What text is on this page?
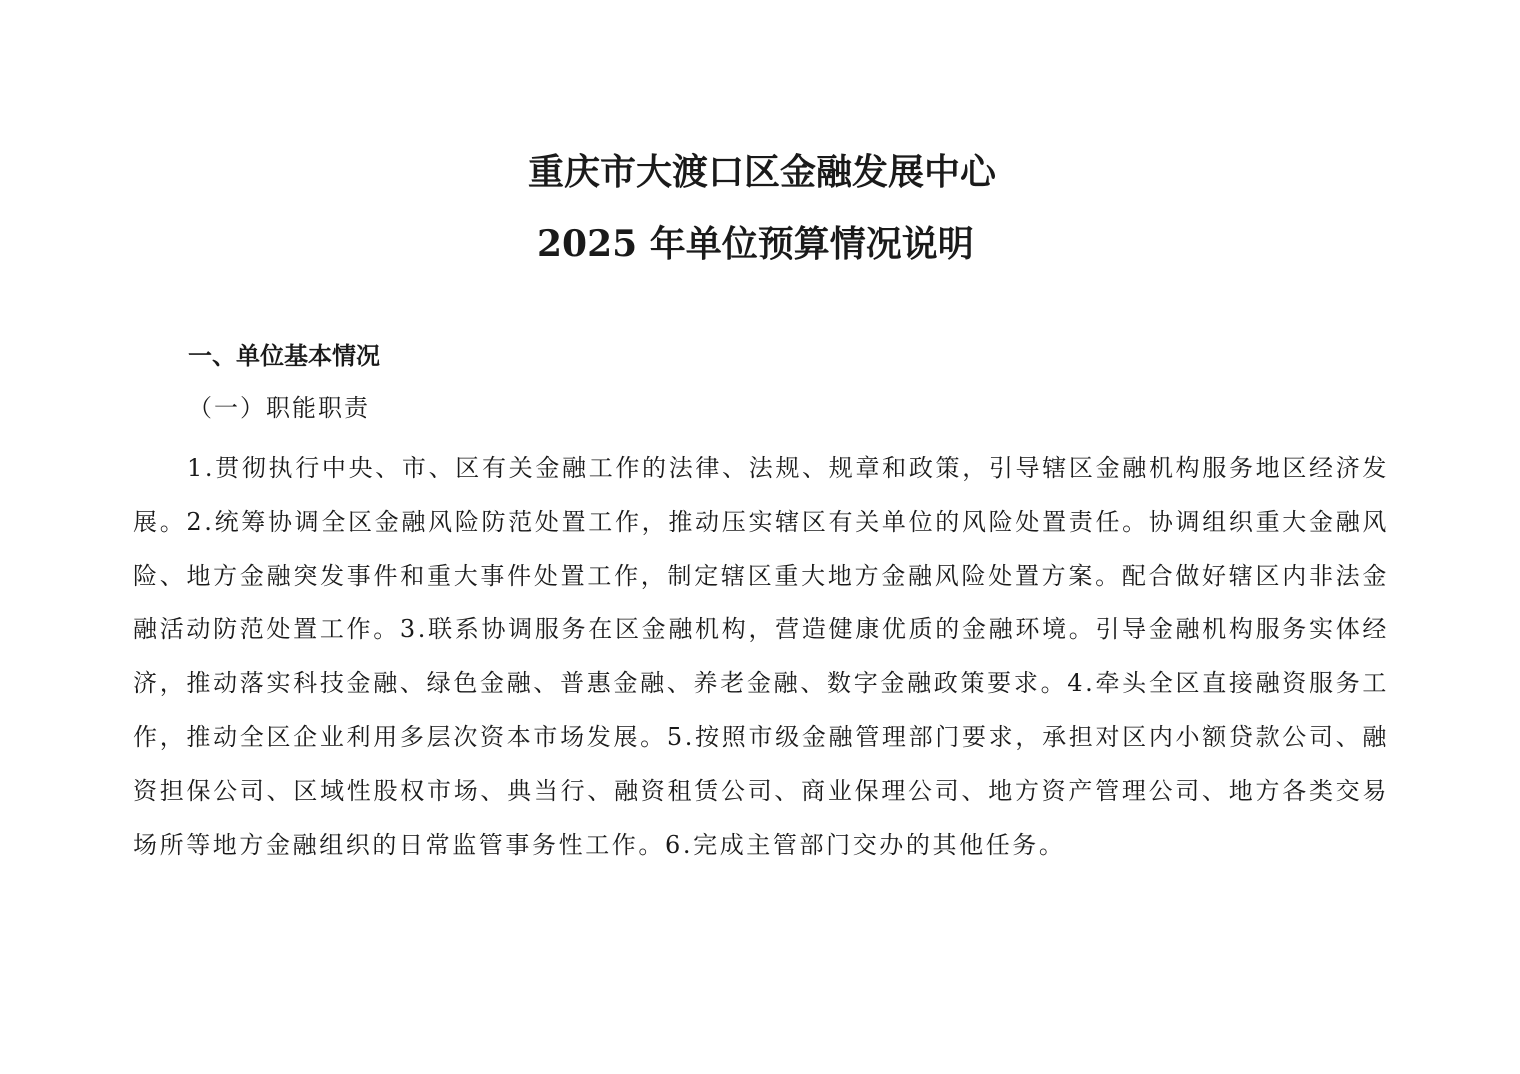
重庆市大渡口区金融发展中心
2025 年单位预算情况说明
一、单位基本情况
（一）职能职责

1.贯彻执行中央、市、区有关金融工作的法律、法规、规章和政策，引导辖区金融机构服务地区经济发展。2.统筹协调全区金融风险防范处置工作，推动压实辖区有关单位的风险处置责任。协调组织重大金融风险、地方金融突发事件和重大事件处置工作，制定辖区重大地方金融风险处置方案。配合做好辖区内非法金融活动防范处置工作。3.联系协调服务在区金融机构，营造健康优质的金融环境。引导金融机构服务实体经济，推动落实科技金融、绿色金融、普惠金融、养老金融、数字金融政策要求。4.牵头全区直接融资服务工作，推动全区企业利用多层次资本市场发展。5.按照市级金融管理部门要求，承担对区内小额贷款公司、融资担保公司、区域性股权市场、典当行、融资租赁公司、商业保理公司、地方资产管理公司、地方各类交易场所等地方金融组织的日常监管事务性工作。6.完成主管部门交办的其他任务。
